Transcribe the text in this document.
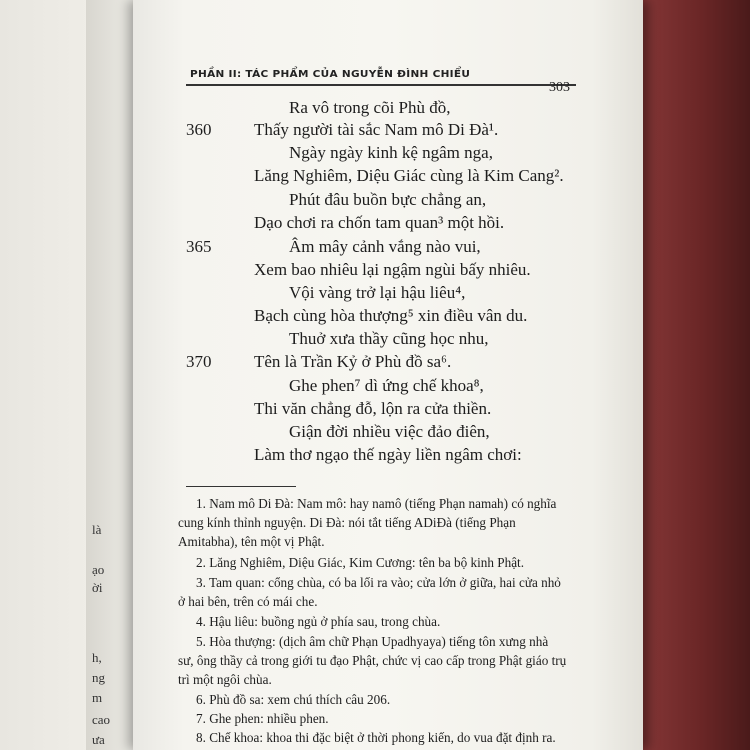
là
ạo
ời
h,
ng
m
cao
ưa
PHẦN II: TÁC PHẨM CỦA NGUYỄN ĐÌNH CHIỂU
303
Ra vô trong cõi Phù đồ,
360	Thấy người tài sắc Nam mô Di Đà¹.
Ngày ngày kinh kệ ngâm nga,
Lăng Nghiêm, Diệu Giác cùng là Kim Cang².
Phút đâu buồn bực chẳng an,
Dạo chơi ra chốn tam quan³ một hồi.
365	Âm mây cảnh vắng nào vui,
Xem bao nhiêu lại ngậm ngùi bấy nhiêu.
Vội vàng trở lại hậu liêu⁴,
Bạch cùng hòa thượng⁵ xin điều vân du.
Thuở xưa thầy cũng học nhu,
370	Tên là Trần Kỷ ở Phù đồ sa⁶.
Ghe phen⁷ dì ứng chế khoa⁸,
Thi văn chẳng đỗ, lộn ra cửa thiền.
Giận đời nhiều việc đảo điên,
Làm thơ ngạo thế ngày liền ngâm chơi:
1. Nam mô Di Đà: Nam mô: hay namô (tiếng Phạn namah) có nghĩa
cung kính thỉnh nguyện. Di Đà: nói tắt tiếng ADiĐà (tiếng Phạn
Amitabha), tên một vị Phật.
2. Lăng Nghiêm, Diệu Giác, Kim Cương: tên ba bộ kinh Phật.
3. Tam quan: cổng chùa, có ba lối ra vào; cửa lớn ở giữa, hai cửa nhỏ
ở hai bên, trên có mái che.
4. Hậu liêu: buồng ngủ ở phía sau, trong chùa.
5. Hòa thượng: (dịch âm chữ Phạn Upadhyaya) tiếng tôn xưng nhà
sư, ông thầy cả trong giới tu đạo Phật, chức vị cao cấp trong Phật giáo trụ
trì một ngôi chùa.
6. Phù đồ sa: xem chú thích câu 206.
7. Ghe phen: nhiều phen.
8. Chế khoa: khoa thi đặc biệt ở thời phong kiến, do vua đặt định ra.
